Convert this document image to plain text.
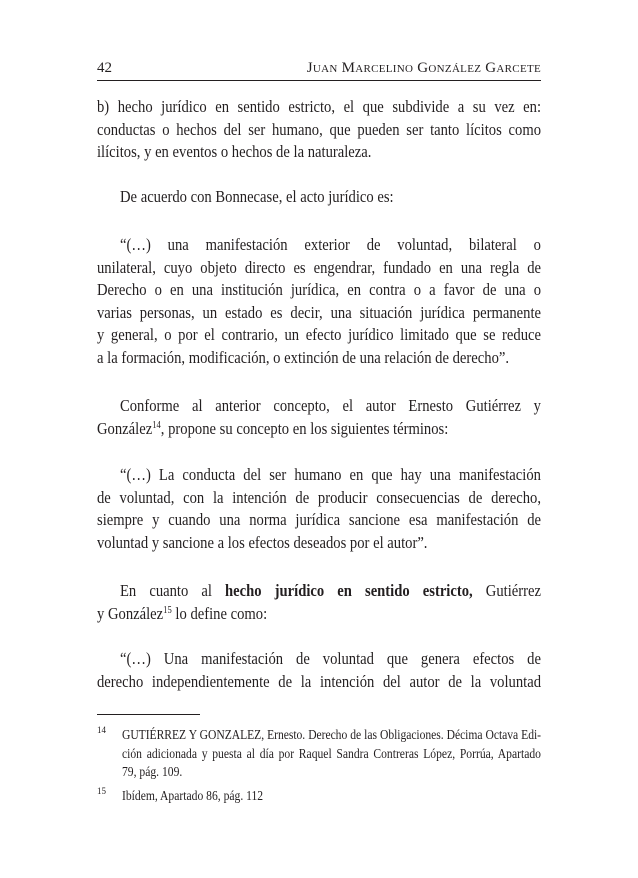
42	Juan Marcelino González Garcete
b) hecho jurídico en sentido estricto, el que subdivide a su vez en:
conductas o hechos del ser humano, que pueden ser tanto lícitos como
ilícitos, y en eventos o hechos de la naturaleza.
De acuerdo con Bonnecase, el acto jurídico es:
“(…) una manifestación exterior de voluntad, bilateral o
unilateral, cuyo objeto directo es engendrar, fundado en una regla de
Derecho o en una institución jurídica, en contra o a favor de una o
varias personas, un estado es decir, una situación jurídica permanente
y general, o por el contrario, un efecto jurídico limitado que se reduce
a la formación, modificación, o extinción de una relación de derecho”.
Conforme al anterior concepto, el autor Ernesto Gutiérrez y
González$^{14}$, propone su concepto en los siguientes términos:
“(…) La conducta del ser humano en que hay una manifestación
de voluntad, con la intención de producir consecuencias de derecho,
siempre y cuando una norma jurídica sancione esa manifestación de
voluntad y sancione a los efectos deseados por el autor”.
En cuanto al hecho jurídico en sentido estricto, Gutiérrez
y González$^{15}$ lo define como:
“(…) Una manifestación de voluntad que genera efectos de
derecho independientemente de la intención del autor de la voluntad
14 GUTIÉRREZ Y GONZALEZ, Ernesto. Derecho de las Obligaciones. Décima Octava Edi-
ción adicionada y puesta al día por Raquel Sandra Contreras López, Porrúa, Apartado
79, pág. 109.
15 Ibídem, Apartado 86, pág. 112
